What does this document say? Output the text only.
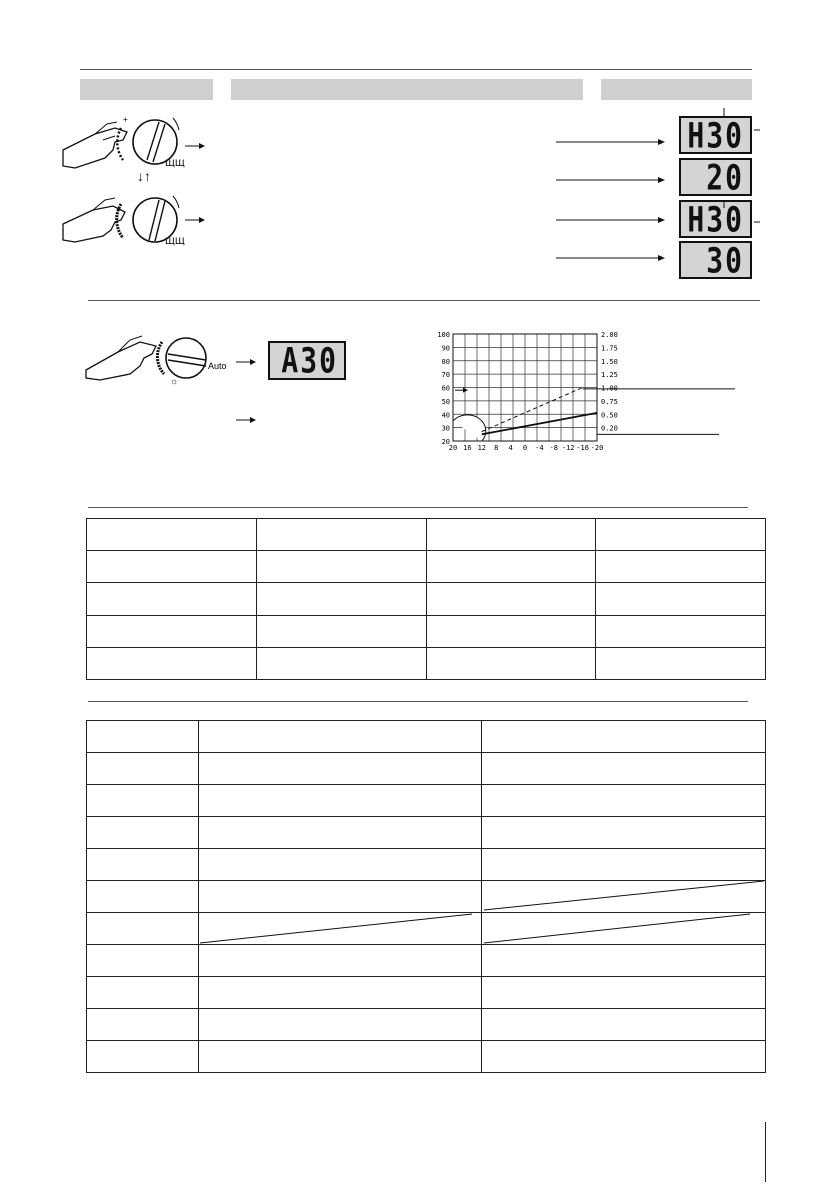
ЩЩ
+
↓↑
ЩЩ
H30
20
H30
30
☼
Auto A30
100
90
80
70
60
50
40
30
20
2.00
1.75
1.50
1.25
1.00
0.75
0.50
0.20
20 16 12 8 4 0 -4 -8 -12 -16 -20
